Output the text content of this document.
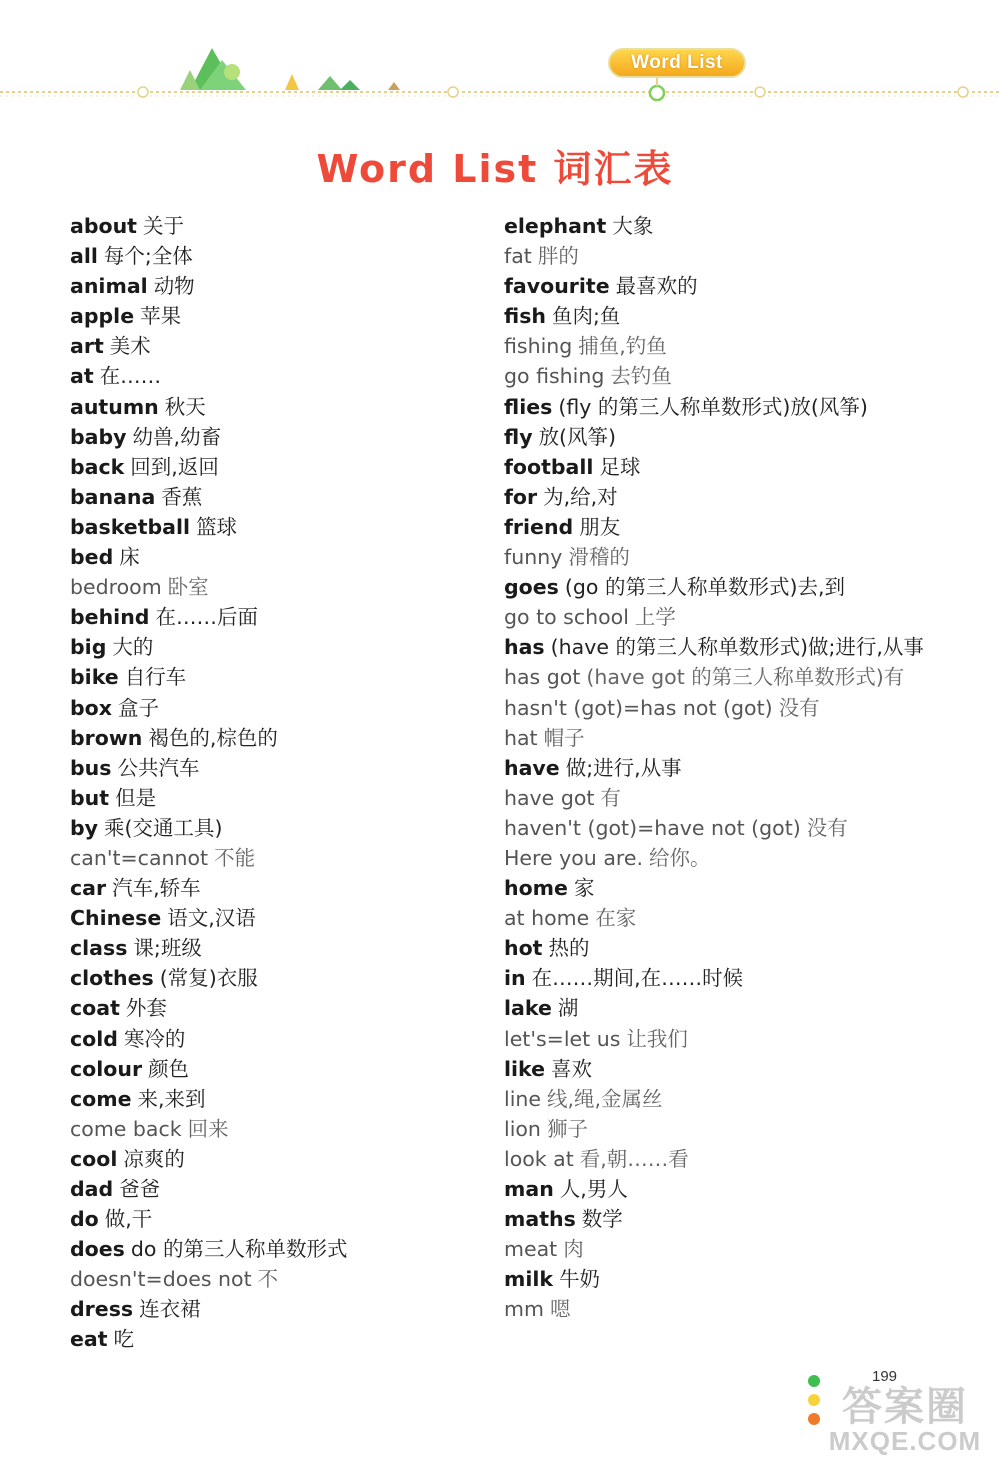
Word List
Word List 词汇表
about 关于
all 每个;全体
animal 动物
apple 苹果
art 美术
at 在……
autumn 秋天
baby 幼兽,幼畜
back 回到,返回
banana 香蕉
basketball 篮球
bed 床
bedroom 卧室
behind 在……后面
big 大的
bike 自行车
box 盒子
brown 褐色的,棕色的
bus 公共汽车
but 但是
by 乘(交通工具)
can't=cannot 不能
car 汽车,轿车
Chinese 语文,汉语
class 课;班级
clothes (常复)衣服
coat 外套
cold 寒冷的
colour 颜色
come 来,来到
come back 回来
cool 凉爽的
dad 爸爸
do 做,干
does do 的第三人称单数形式
doesn't=does not 不
dress 连衣裙
eat 吃
elephant 大象
fat 胖的
favourite 最喜欢的
fish 鱼肉;鱼
fishing 捕鱼,钓鱼
go fishing 去钓鱼
flies (fly 的第三人称单数形式)放(风筝)
fly 放(风筝)
football 足球
for 为,给,对
friend 朋友
funny 滑稽的
goes (go 的第三人称单数形式)去,到
go to school 上学
has (have 的第三人称单数形式)做;进行,从事
has got (have got 的第三人称单数形式)有
hasn't (got)=has not (got) 没有
hat 帽子
have 做;进行,从事
have got 有
haven't (got)=have not (got) 没有
Here you are. 给你。
home 家
at home 在家
hot 热的
in 在……期间,在……时候
lake 湖
let's=let us 让我们
like 喜欢
line 线,绳,金属丝
lion 狮子
look at 看,朝……看
man 人,男人
maths 数学
meat 肉
milk 牛奶
mm 嗯
199
答案圈
MXQE.COM
